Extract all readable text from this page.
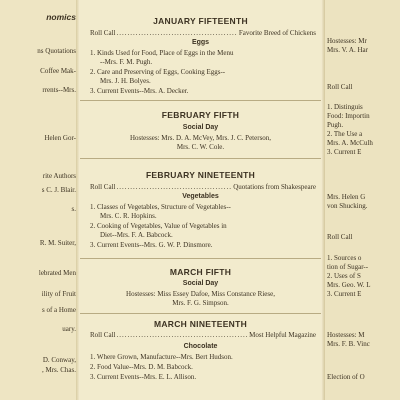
nomics
ns Quotations
Coffee Mak-
rrents--Mrs.
Helen Gor-
rite Authors
s C. J. Blair.
s.
R. M. Suiter,
lebrated Men
ility of Fruit
s of a Home
uary.
D. Conway,
, Mrs. Chas.
JANUARY FIFTEENTH
Roll Call .....	Favorite Breed of Chickens
Eggs
1. Kinds Used for Food, Place of Eggs in the Menu
--Mrs. F. M. Pugh.
2. Care and Preserving of Eggs, Cooking Eggs--
Mrs. J. H. Bolyes.
3. Current Events--Mrs. A. Decker.
FEBRUARY FIFTH
Social Day
Hostesses: Mrs. D. A. McVey, Mrs. J. C. Peterson,
Mrs. C. W. Cole.
FEBRUARY NINETEENTH
Roll Call .....	Quotations from Shakespeare
Vegetables
1. Classes of Vegetables, Structure of Vegetables--
Mrs. C. R. Hopkins.
2. Cooking of Vegetables, Value of Vegetables in
Diet--Mrs. F. A. Babcock.
3. Current Events--Mrs. G. W. P. Dinsmore.
MARCH FIFTH
Social Day
Hostesses: Miss Essey Dafoe, Miss Constance Riese,
Mrs. F. G. Simpson.
MARCH NINETEENTH
Roll Call .....	Most Helpful Magazine
Chocolate
1. Where Grown, Manufacture--Mrs. Bert Hudson.
2. Food Value--Mrs. D. M. Babcock.
3. Current Events--Mrs. E. L. Allison.
Hostesses: Mr
Mrs. V. A. Har
Roll Call
1. Distinguis
Food: Importin
Pugh.
2. The Use a
Mrs. A. McCulh
3. Current E
Mrs. Helen G
von Shucking.
Roll Call
1. Sources o
tion of Sugar--
2. Uses of S
Mrs. Geo. W. L
3. Current E
Hostesses: M
Mrs. F. B. Vinc
Election of O
